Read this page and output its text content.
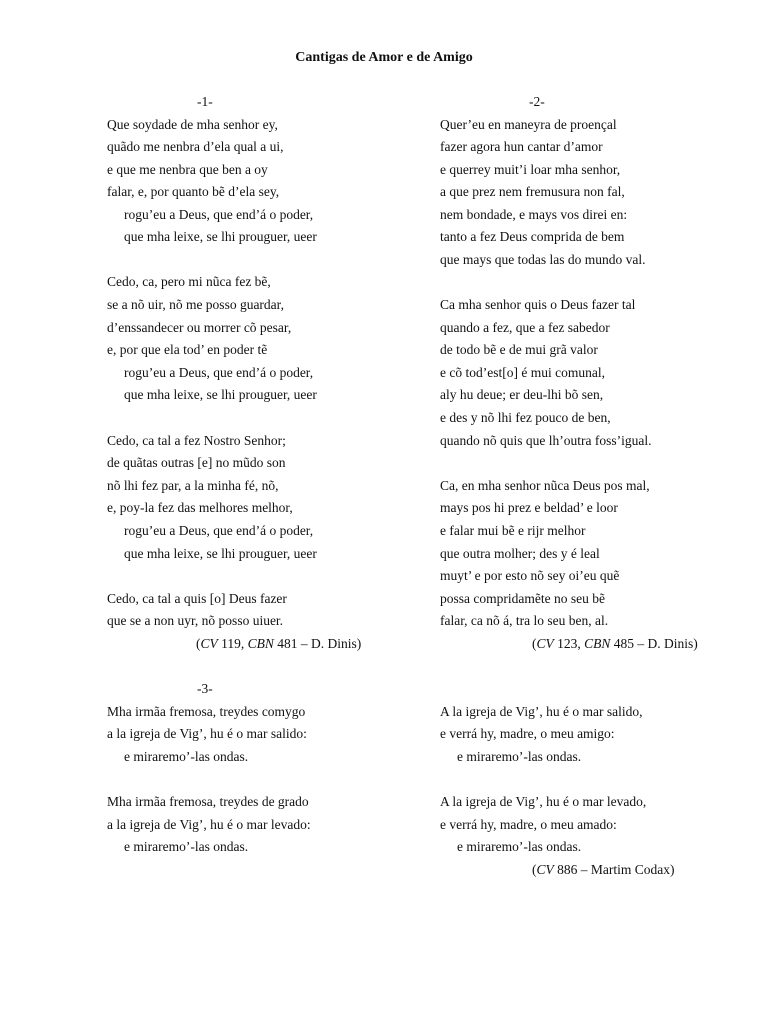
Cantigas de Amor e de Amigo
-1-
Que soydade de mha senhor ey,
quãdo me nenbra d’ela qual a ui,
e que me nenbra que ben a oy
falar, e, por quanto bẽ d’ela sey,
rogu’eu a Deus, que end’á o poder,
que mha leixe, se lhi prouguer, ueer
Cedo, ca, pero mi nũca fez bẽ,
se a nõ uir, nõ me posso guardar,
d’enssandecer ou morrer cõ pesar,
e, por que ela tod’ en poder tẽ
rogu’eu a Deus, que end’á o poder,
que mha leixe, se lhi prouguer, ueer
Cedo, ca tal a fez Nostro Senhor;
de quãtas outras [e] no mũdo son
nõ lhi fez par, a la minha fé, nõ,
e, poy-la fez das melhores melhor,
rogu’eu a Deus, que end’á o poder,
que mha leixe, se lhi prouguer, ueer
Cedo, ca tal a quis [o] Deus fazer
que se a non uyr, nõ posso uiuer.
(CV 119, CBN 481 – D. Dinis)
-2-
Quer’eu en maneyra de proençal
fazer agora hun cantar d’amor
e querrey muit’i loar mha senhor,
a que prez nem fremusura non fal,
nem bondade, e mays vos direi en:
tanto a fez Deus comprida de bem
que mays que todas las do mundo val.
Ca mha senhor quis o Deus fazer tal
quando a fez, que a fez sabedor
de todo bẽ e de mui grã valor
e cõ tod’est[o] é mui comunal,
aly hu deue; er deu-lhi bõ sen,
e des y nõ lhi fez pouco de ben,
quando nõ quis que lh’outra foss’igual.
Ca, en mha senhor nũca Deus pos mal,
mays pos hi prez e beldad’ e loor
e falar mui bẽ e rijr melhor
que outra molher; des y é leal
muyt’ e por esto nõ sey oi’eu quẽ
possa compridamẽte no seu bẽ
falar, ca nõ á, tra lo seu ben, al.
(CV 123, CBN 485 – D. Dinis)
-3-
Mha irmãa fremosa, treydes comygo
a la igreja de Vig’, hu é o mar salido:
e miraremo’-las ondas.
Mha irmãa fremosa, treydes de grado
a la igreja de Vig’, hu é o mar levado:
e miraremo’-las ondas.
A la igreja de Vig’, hu é o mar salido,
e verrá hy, madre, o meu amigo:
e miraremo’-las ondas.
A la igreja de Vig’, hu é o mar levado,
e verrá hy, madre, o meu amado:
e miraremo’-las ondas.
(CV 886 – Martim Codax)
